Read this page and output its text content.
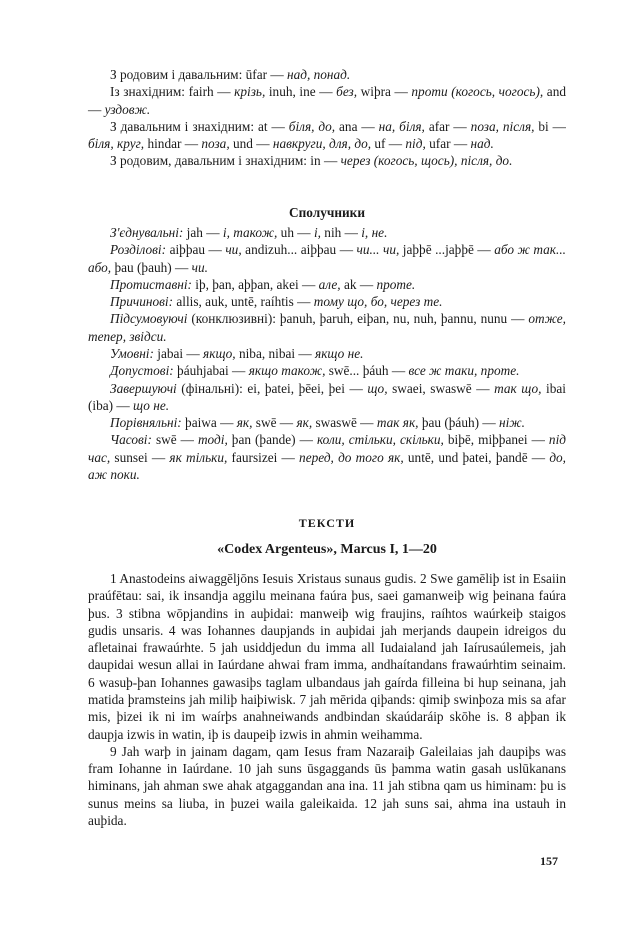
З родовим і давальним: ūfar — над, понад.

Із знахідним: fairh — крізь, inuh, ine — без, wiþra — проти (когось, чогось), and — уздовж.

З давальним і знахідним: at — біля, до, ana — на, біля, afar — позa, після, bi — біля, круг, hindar — поза, und — навкруги, для, до, uf — під, ufar — над.

З родовим, давальним і знахідним: in — через (когось, щось), після, до.

Сполучники

З'єднувальні: jah — і, також, uh — і, nih — і, не.

Розділові: aiþþau — чи, andizuh... aiþþau — чи... чи, jaþþē ...jaþþē — або ж так... або, þau (þauh) — чи.

Протиставні: iþ, þan, aþþan, akei — але, ak — проте.

Причинові: allis, auk, untē, raíhtis — тому що, бо, через те.

Підсумовуючі (конклюзивні): þanuh, þaruh, eiþan, nu, nuh, þannu, nunu — отже, тепер, звідси.

Умовні: jabai — якщо, niba, nibai — якщо не.

Допустові: þáuhjabai — якщо також, swē... þáuh — все ж таки, проте.

Завершуючі (фінальні): ei, þatei, þēei, þei — що, swaei, swaswē — так що, ibai (iba) — що не.

Порівняльні: þaiwa — як, swē — як, swaswē — так як, þau (þáuh) — ніж.

Часові: swē — тоді, þan (þande) — коли, стільки, скільки, biþē, miþþanei — під час, sunsei — як тільки, faursizei — перед, до того як, untē, und þatei, þandē — до, аж поки.

ТЕКСТИ
«Codex Argenteus», Marcus I, 1—20

1 Anastodeins aiwaggēljōns Iesuis Xristaus sunaus gudis. 2 Swe gamēliþ ist in Esaiin praúfētau: sai, ik insandja aggilu meinana faúra þus, saei gamanweiþ wig þeinana faúra þus. 3 stibna wōpjandins in auþidai: manweiþ wig fraujins, raíhtos waúrkeiþ staigos gudis unsaris. 4 was Iohannes daupjands in auþidai jah merjands daupein idreigos du afletainai frawaúrhte. 5 jah usiddjedun du imma all Iudaialand jah Iaírusaúlemeis, jah daupidai wesun allai in Iaúrdane ahwai fram imma, andhaítandans frawaúrhtim seinaim. 6 wasuþ-þan Iohannes gawasiþs taglam ulbandaus jah gaírda filleina bi hup seinana, jah matida þramsteins jah miliþ haiþiwisk. 7 jah mērida qiþands: qimiþ swinþoza mis sa afar mis, þizei ik ni im waírþs anahneiwands andbindan skaúdaráip skōhe is. 8 aþþan ik daupja izwis in watin, iþ is daupeiþ izwis in ahmin weihamma.

9 Jah warþ in jainam dagam, qam Iesus fram Nazaraiþ Galeilaias jah daupiþs was fram Iohanne in Iaúrdane. 10 jah suns ūsgaggands ūs þamma watin gasah uslūkanans himinans, jah ahman swe ahak atgaggandan ana ina. 11 jah stibna qam us himinam: þu is sunus meins sa liuba, in þuzei waila galeikaida. 12 jah suns sai, ahma ina ustauh in auþida.

157
